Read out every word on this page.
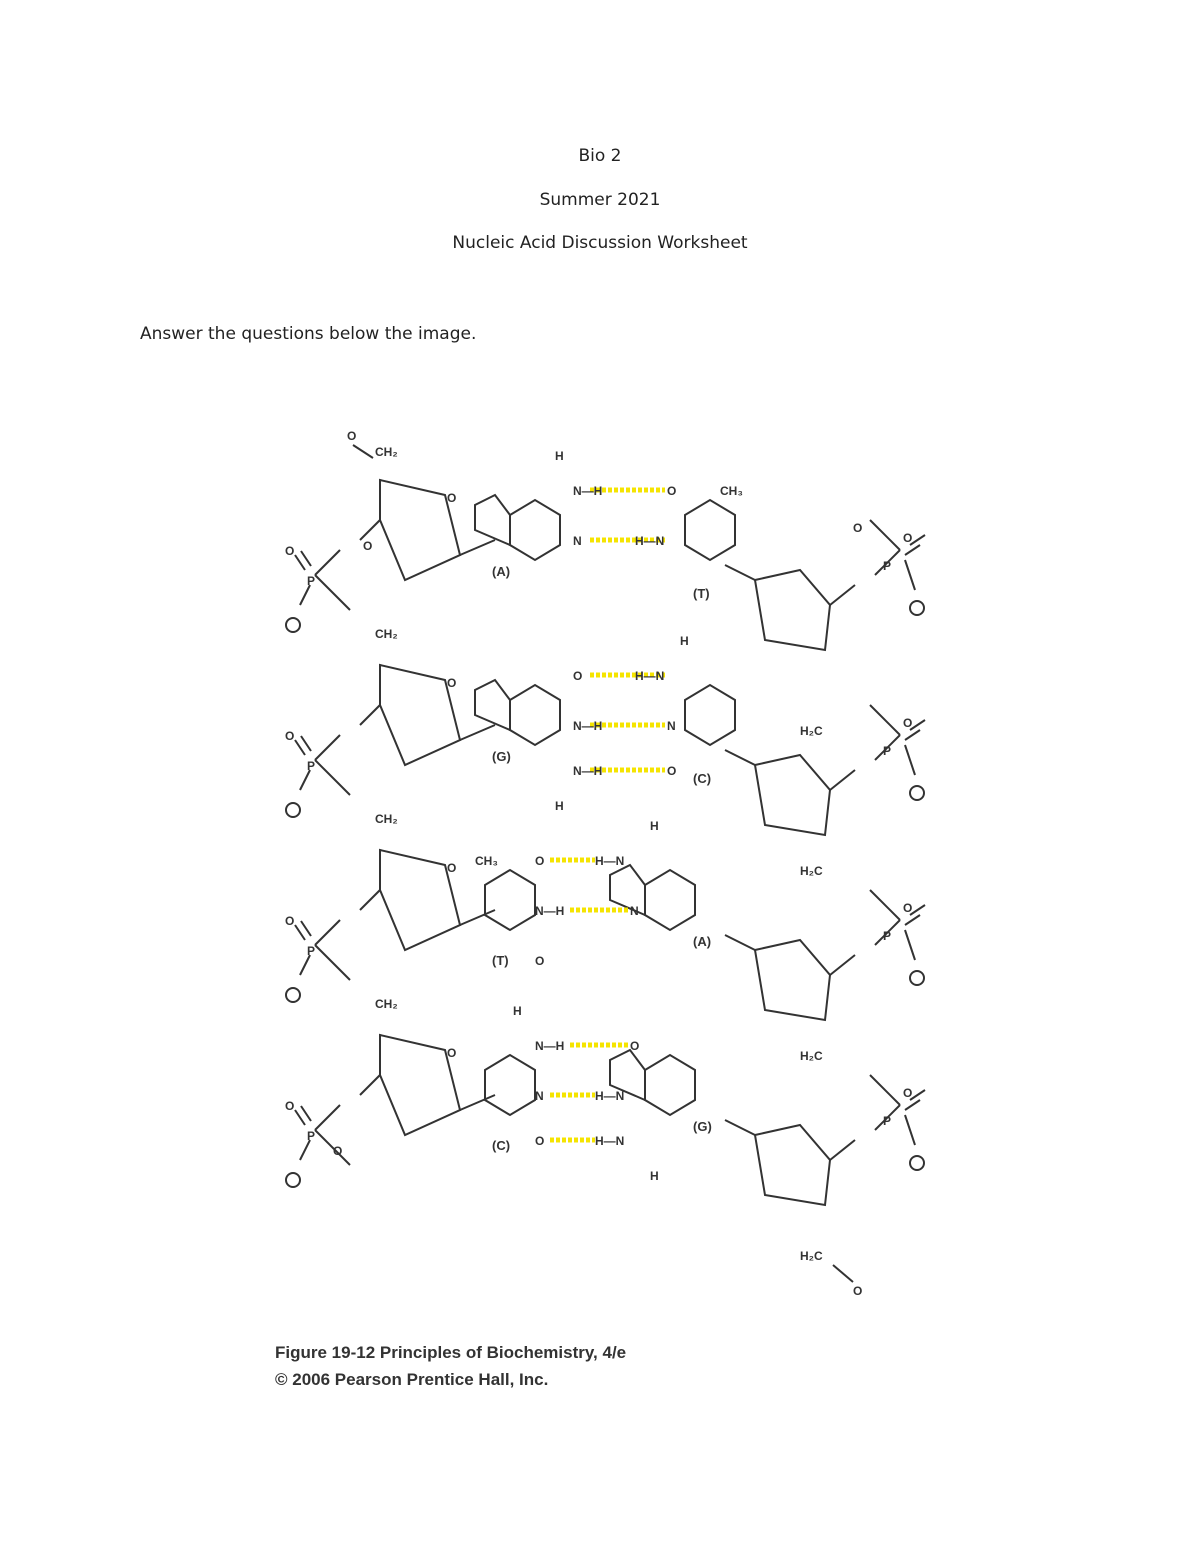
Bio 2
Summer 2021
Nucleic Acid Discussion Worksheet
Answer the questions below the image.
O
CH₂
O
H
N—H	O
N	H—N
CH₃
O
O
P
O
CH₂
(A)
(T)
O
P
H
O	H—N
N—H	N
N—H	O
H
O
O
P
CH₂
H₂C
(G)
(C)
O
P
H
CH₃	O	H—N
N—H	N
O
O
O
P
CH₂
H₂C
(T)
(A)
O
P
H
N—H	O
N	H—N
O	H—N
H
O
O
P
O
H₂C
(C)
(G)
O
P
H₂C
O
Figure 19-12 Principles of Biochemistry, 4/e
© 2006 Pearson Prentice Hall, Inc.
